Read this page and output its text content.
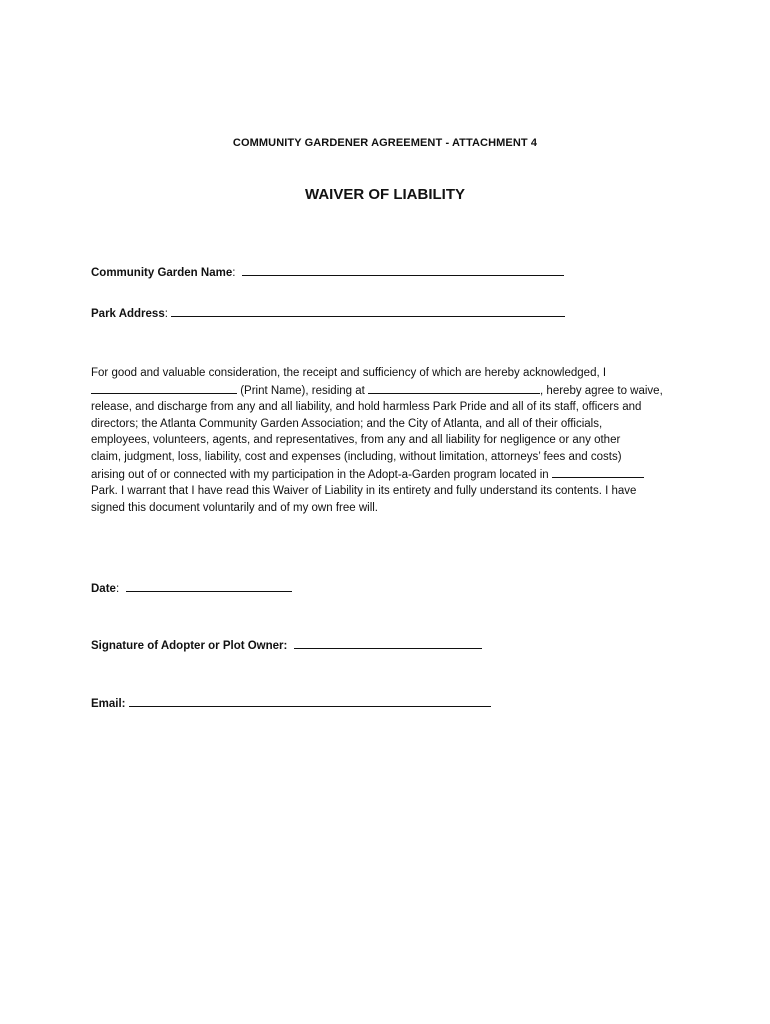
COMMUNITY GARDENER AGREEMENT - ATTACHMENT 4
WAIVER OF LIABILITY
Community Garden Name:
Park Address:
For good and valuable consideration, the receipt and sufficiency of which are hereby acknowledged, I
(Print Name), residing at	, hereby agree to waive,
release, and discharge from any and all liability, and hold harmless Park Pride and all of its staff, officers and
directors; the Atlanta Community Garden Association; and the City of Atlanta, and all of their officials,
employees, volunteers, agents, and representatives, from any and all liability for negligence or any other
claim, judgment, loss, liability, cost and expenses (including, without limitation, attorneys’ fees and costs)
arising out of or connected with my participation in the Adopt-a-Garden program located in
Park. I warrant that I have read this Waiver of Liability in its entirety and fully understand its contents. I have
signed this document voluntarily and of my own free will.
Date:
Signature of Adopter or Plot Owner:
Email:
